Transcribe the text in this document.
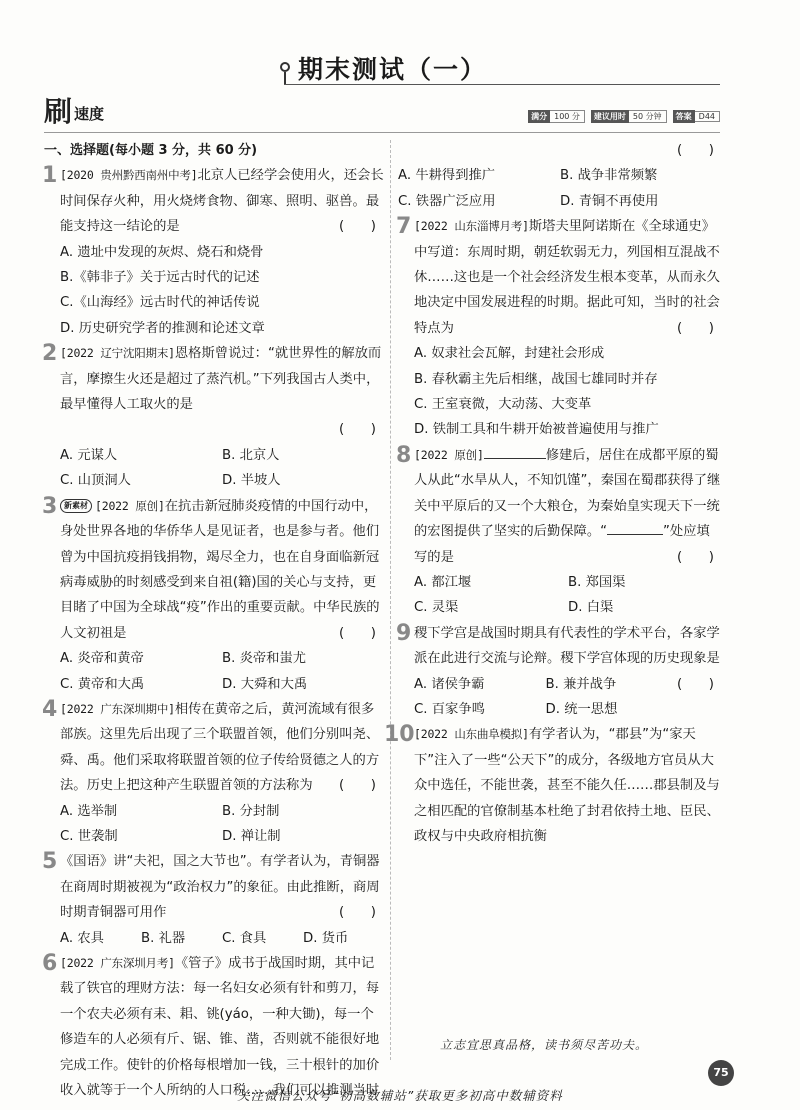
期末测试（一）
刷 速度	满分 100 分	建议用时 50 分钟	答案 D44
一、选择题(每小题 3 分，共 60 分)
1 [ 2020 贵州黔西南州中考 ] 北京人已经学会使用火，还会长时间保存火种，用火烧烤食物、御寒、照明、驱兽。最能支持这一结论的是	(　　)
A. 遗址中发现的灰烬、烧石和烧骨
B.《韩非子》关于远古时代的记述
C.《山海经》远古时代的神话传说
D. 历史研究学者的推测和论述文章
2 [ 2022 辽宁沈阳期末 ] 恩格斯曾说过：“就世界性的解放而言，摩擦生火还是超过了蒸汽机。”下列我国古人类中，最早懂得人工取火的是
(　　)
A. 元谋人	B. 北京人
C. 山顶洞人	D. 半坡人
3 新素材 [ 2022 原创 ] 在抗击新冠肺炎疫情的中国行动中，身处世界各地的华侨华人是见证者，也是参与者。他们曾为中国抗疫捐钱捐物，竭尽全力，也在自身面临新冠病毒威胁的时刻感受到来自祖(籍)国的关心与支持，更目睹了中国为全球战“疫”作出的重要贡献。中华民族的人文初祖是	(　　)
A. 炎帝和黄帝	B. 炎帝和蚩尤
C. 黄帝和大禹	D. 大舜和大禹
4 [ 2022 广东深圳期中 ] 相传在黄帝之后，黄河流域有很多部族。这里先后出现了三个联盟首领，他们分别叫尧、舜、禹。他们采取将联盟首领的位子传给贤德之人的方法。历史上把这种产生联盟首领的方法称为 (　　)
A. 选举制	B. 分封制
C. 世袭制	D. 禅让制
5 《国语》讲“夫祀，国之大节也”。有学者认为，青铜器在商周时期被视为“政治权力”的象征。由此推断，商周时期青铜器可用作	(　　)
A. 农具	B. 礼器	C. 食具	D. 货币
6 [ 2022 广东深圳月考 ] 《管子》成书于战国时期，其中记载了铁官的理财方法：每一名妇女必须有针和剪刀，每一个农夫必须有耒、耜、铫(yáo，一种大锄)，每一个修造车的人必须有斤、锯、锥、凿，否则就不能很好地完成工作。使针的价格每根增加一钱，三十根针的加价收入就等于一个人所纳的人口税……我们可以推测当时
(　　)
A. 牛耕得到推广	B. 战争非常频繁
C. 铁器广泛应用	D. 青铜不再使用
7 [ 2022 山东淄博月考 ] 斯塔夫里阿诺斯在《全球通史》中写道：东周时期，朝廷软弱无力，列国相互混战不休……这也是一个社会经济发生根本变革，从而永久地决定中国发展进程的时期。据此可知，当时的社会特点为	(　　)
A. 奴隶社会瓦解，封建社会形成
B. 春秋霸主先后相继，战国七雄同时并存
C. 王室衰微，大动荡、大变革
D. 铁制工具和牛耕开始被普遍使用与推广
8 [ 2022 原创 ]	修建后，居住在成都平原的蜀人从此“水旱从人，不知饥馑”，秦国在蜀郡获得了继关中平原后的又一个大粮仓，为秦始皇实现天下一统的宏图提供了坚实的后勤保障。“	”处应填写的是	(　　)
A. 都江堰	B. 郑国渠
C. 灵渠	D. 白渠
9 稷下学宫是战国时期具有代表性的学术平台，各家学派在此进行交流与论辩。稷下学宫体现的历史现象是
(　　)
A. 诸侯争霸	B. 兼并战争
C. 百家争鸣	D. 统一思想
10 [ 2022 山东曲阜模拟 ] 有学者认为，“郡县”为“家天下”注入了一些“公天下”的成分，各级地方官员从大众中选任，不能世袭，甚至不能久任……郡县制及与之相匹配的官僚制基本杜绝了封君依持土地、臣民、政权与中央政府相抗衡
立志宜思真品格，读书须尽苦功夫。
75
关注微信公众号“初高数辅站”获取更多初高中数辅资料
